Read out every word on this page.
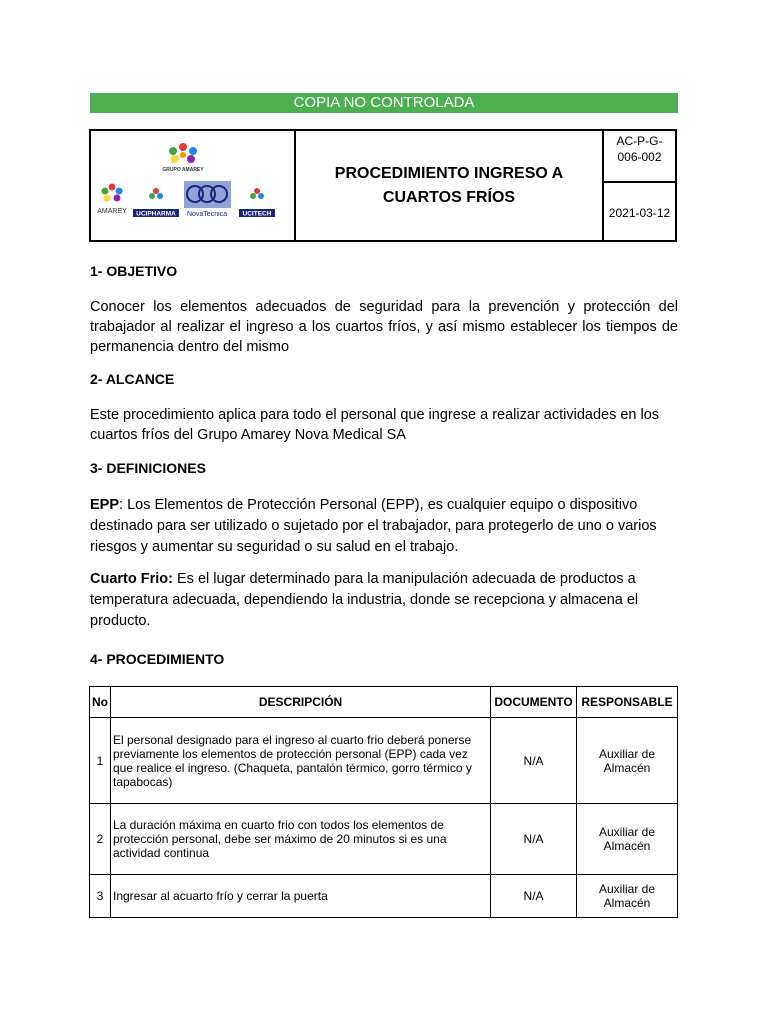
COPIA NO CONTROLADA
GRUPO AMAREY
AMAREY UCIPHARMA NovaTecnica UCITECH
PROCEDIMIENTO INGRESO A
CUARTOS FRÍOS
AC-P-G-
006-002
2021-03-12
1- OBJETIVO
Conocer los elementos adecuados de seguridad para la prevención y protección del trabajador al realizar el ingreso a los cuartos fríos, y así mismo establecer los tiempos de permanencia dentro del mismo
2- ALCANCE
Este procedimiento aplica para todo el personal que ingrese a realizar actividades en los cuartos fríos del Grupo Amarey Nova Medical SA
3- DEFINICIONES
EPP: Los Elementos de Protección Personal (EPP), es cualquier equipo o dispositivo destinado para ser utilizado o sujetado por el trabajador, para protegerlo de uno o varios riesgos y aumentar su seguridad o su salud en el trabajo.
Cuarto Frio: Es el lugar determinado para la manipulación adecuada de productos a temperatura adecuada, dependiendo la industria, donde se recepciona y almacena el producto.
4- PROCEDIMIENTO
No	DESCRIPCIÓN	DOCUMENTO	RESPONSABLE
1	El personal designado para el ingreso al cuarto frio deberá ponerse previamente los elementos de protección personal (EPP) cada vez que realice el ingreso. (Chaqueta, pantalón térmico, gorro térmico y tapabocas)	N/A	Auxiliar de Almacén
2	La duración máxima en cuarto frio con todos los elementos de protección personal, debe ser máximo de 20 minutos si es una actividad continua	N/A	Auxiliar de Almacén
3	Ingresar al acuarto frío y cerrar la puerta	N/A	Auxiliar de Almacén
